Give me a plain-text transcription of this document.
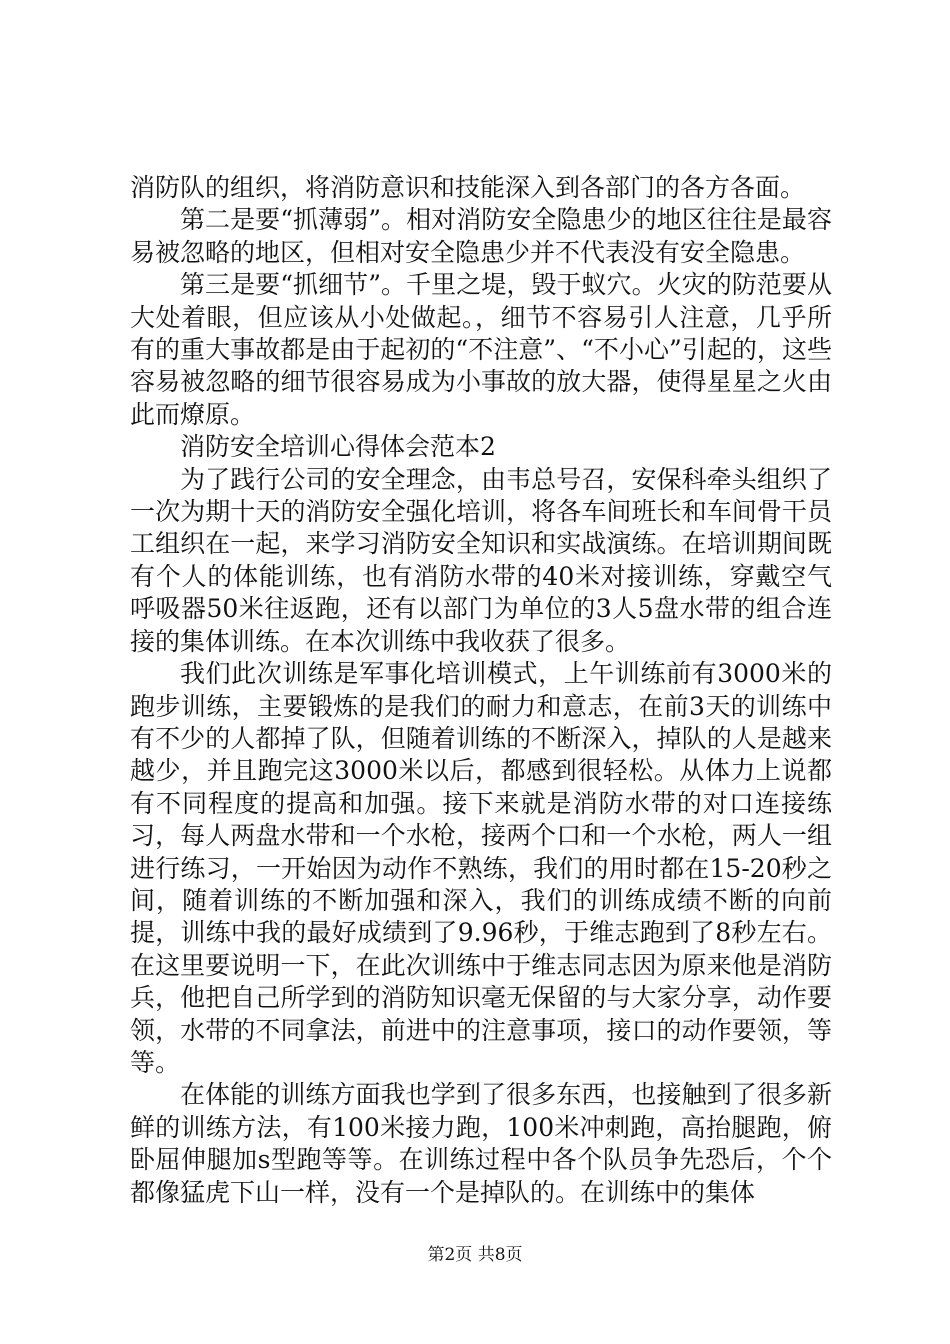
消防队的组织，将消防意识和技能深入到各部门的各方各面。

第二是要“抓薄弱”。相对消防安全隐患少的地区往往是最容易被忽略的地区，但相对安全隐患少并不代表没有安全隐患。

第三是要“抓细节”。千里之堤，毁于蚁穴。火灾的防范要从大处着眼，但应该从小处做起。，细节不容易引人注意，几乎所有的重大事故都是由于起初的“不注意”、“不小心”引起的，这些容易被忽略的细节很容易成为小事故的放大器，使得星星之火由此而燎原。

消防安全培训心得体会范本2

为了践行公司的安全理念，由韦总号召，安保科牵头组织了一次为期十天的消防安全强化培训，将各车间班长和车间骨干员工组织在一起，来学习消防安全知识和实战演练。在培训期间既有个人的体能训练，也有消防水带的40米对接训练，穿戴空气呼吸器50米往返跑，还有以部门为单位的3人5盘水带的组合连接的集体训练。在本次训练中我收获了很多。

我们此次训练是军事化培训模式，上午训练前有3000米的跑步训练，主要锻炼的是我们的耐力和意志，在前3天的训练中有不少的人都掉了队，但随着训练的不断深入，掉队的人是越来越少，并且跑完这3000米以后，都感到很轻松。从体力上说都有不同程度的提高和加强。接下来就是消防水带的对口连接练习，每人两盘水带和一个水枪，接两个口和一个水枪，两人一组进行练习，一开始因为动作不熟练，我们的用时都在15-20秒之间，随着训练的不断加强和深入，我们的训练成绩不断的向前提，训练中我的最好成绩到了9.96秒，于维志跑到了8秒左右。在这里要说明一下，在此次训练中于维志同志因为原来他是消防兵，他把自己所学到的消防知识毫无保留的与大家分享，动作要领，水带的不同拿法，前进中的注意事项，接口的动作要领，等等。

在体能的训练方面我也学到了很多东西，也接触到了很多新鲜的训练方法，有100米接力跑，100米冲刺跑，高抬腿跑，俯卧屈伸腿加s型跑等等。在训练过程中各个队员争先恐后，个个都像猛虎下山一样，没有一个是掉队的。在训练中的集体

第2页 共8页
